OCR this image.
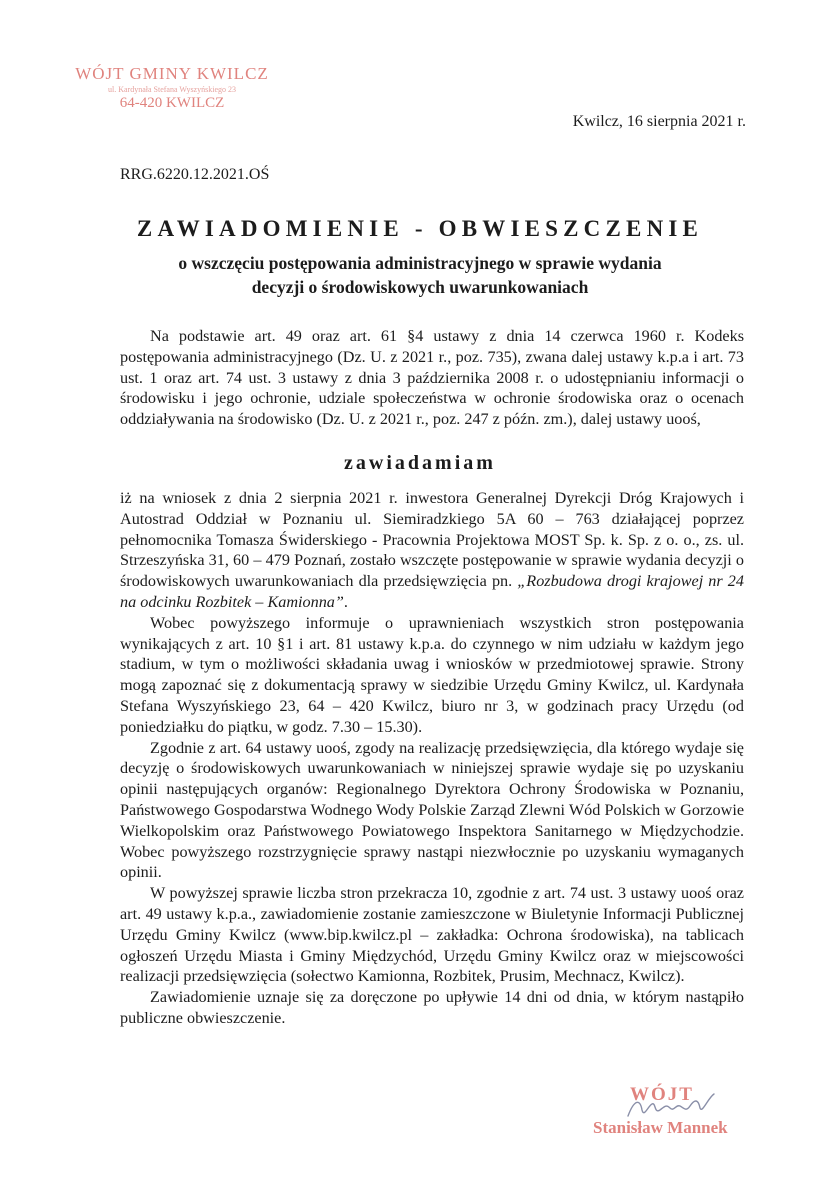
WÓJT GMINY KWILCZ
ul. Kardynała Stefana Wyszyńskiego 23
64-420 KWILCZ
Kwilcz, 16 sierpnia 2021 r.
RRG.6220.12.2021.OŚ
ZAWIADOMIENIE - OBWIESZCZENIE
o wszczęciu postępowania administracyjnego w sprawie wydania
decyzji o środowiskowych uwarunkowaniach
Na podstawie art. 49 oraz art. 61 §4 ustawy z dnia 14 czerwca 1960 r. Kodeks postępowania administracyjnego (Dz. U. z 2021 r., poz. 735), zwana dalej ustawy k.p.a i art. 73 ust. 1 oraz art. 74 ust. 3 ustawy z dnia 3 października 2008 r. o udostępnianiu informacji o środowisku i jego ochronie, udziale społeczeństwa w ochronie środowiska oraz o ocenach oddziaływania na środowisko (Dz. U. z 2021 r., poz. 247 z późn. zm.), dalej ustawy uooś,
zawiadamiam

iż na wniosek z dnia 2 sierpnia 2021 r. inwestora Generalnej Dyrekcji Dróg Krajowych i Autostrad Oddział w Poznaniu ul. Siemiradzkiego 5A 60 – 763 działającej poprzez pełnomocnika Tomasza Świderskiego - Pracownia Projektowa MOST Sp. k. Sp. z o. o., zs. ul. Strzeszyńska 31, 60 – 479 Poznań, zostało wszczęte postępowanie w sprawie wydania decyzji o środowiskowych uwarunkowaniach dla przedsięwzięcia pn. „Rozbudowa drogi krajowej nr 24 na odcinku Rozbitek – Kamionna”.

Wobec powyższego informuje o uprawnieniach wszystkich stron postępowania wynikających z art. 10 §1 i art. 81 ustawy k.p.a. do czynnego w nim udziału w każdym jego stadium, w tym o możliwości składania uwag i wniosków w przedmiotowej sprawie. Strony mogą zapoznać się z dokumentacją sprawy w siedzibie Urzędu Gminy Kwilcz, ul. Kardynała Stefana Wyszyńskiego 23, 64 – 420 Kwilcz, biuro nr 3, w godzinach pracy Urzędu (od poniedziałku do piątku, w godz. 7.30 – 15.30).

Zgodnie z art. 64 ustawy uooś, zgody na realizację przedsięwzięcia, dla którego wydaje się decyzję o środowiskowych uwarunkowaniach w niniejszej sprawie wydaje się po uzyskaniu opinii następujących organów: Regionalnego Dyrektora Ochrony Środowiska w Poznaniu, Państwowego Gospodarstwa Wodnego Wody Polskie Zarząd Zlewni Wód Polskich w Gorzowie Wielkopolskim oraz Państwowego Powiatowego Inspektora Sanitarnego w Międzychodzie. Wobec powyższego rozstrzygnięcie sprawy nastąpi niezwłocznie po uzyskaniu wymaganych opinii.

W powyższej sprawie liczba stron przekracza 10, zgodnie z art. 74 ust. 3 ustawy uooś oraz art. 49 ustawy k.p.a., zawiadomienie zostanie zamieszczone w Biuletynie Informacji Publicznej Urzędu Gminy Kwilcz (www.bip.kwilcz.pl – zakładka: Ochrona środowiska), na tablicach ogłoszeń Urzędu Miasta i Gminy Międzychód, Urzędu Gminy Kwilcz oraz w miejscowości realizacji przedsięwzięcia (sołectwo Kamionna, Rozbitek, Prusim, Mechnacz, Kwilcz).

Zawiadomienie uznaje się za doręczone po upływie 14 dni od dnia, w którym nastąpiło publiczne obwieszczenie.

WÓJT
Stanisław Mannek
